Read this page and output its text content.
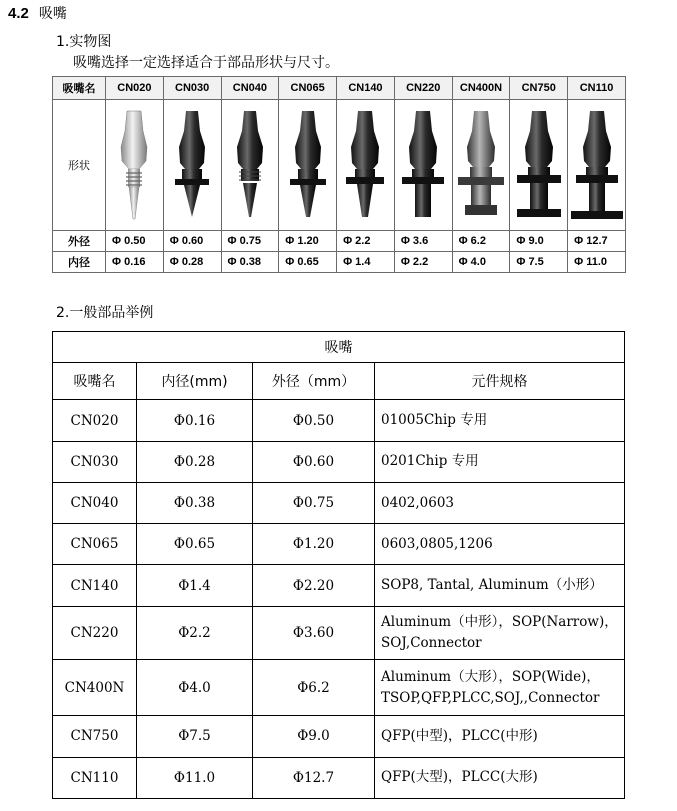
4.2 吸嘴
1.实物图
吸嘴选择一定选择适合于部品形状与尺寸。
吸嘴名	CN020	CN030	CN040	CN065	CN140	CN220	CN400N	CN750	CN110
形状	

外径	Φ 0.50	Φ 0.60	Φ 0.75	Φ 1.20	Φ 2.2	Φ 3.6	Φ 6.2	Φ 9.0	Φ 12.7
内径	Φ 0.16	Φ 0.28	Φ 0.38	Φ 0.65	Φ 1.4	Φ 2.2	Φ 4.0	Φ 7.5	Φ 11.0
2.一般部品举例
吸嘴			
吸嘴名	内径(mm)	外径（mm）	元件规格
CN020	Φ0.16	Φ0.50	01005Chip 专用
CN030	Φ0.28	Φ0.60	0201Chip 专用
CN040	Φ0.38	Φ0.75	0402,0603
CN065	Φ0.65	Φ1.20	0603,0805,1206
CN140	Φ1.4	Φ2.20	SOP8, Tantal, Aluminum（小形）
CN220	Φ2.2	Φ3.60	Aluminum（中形），SOP(Narrow)，SOJ,Connector
CN400N	Φ4.0	Φ6.2	Aluminum（大形），SOP(Wide)，TSOP,QFP,PLCC,SOJ,,Connector
CN750	Φ7.5	Φ9.0	QFP(中型)，PLCC(中形)
CN110	Φ11.0	Φ12.7	QFP(大型)，PLCC(大形)
